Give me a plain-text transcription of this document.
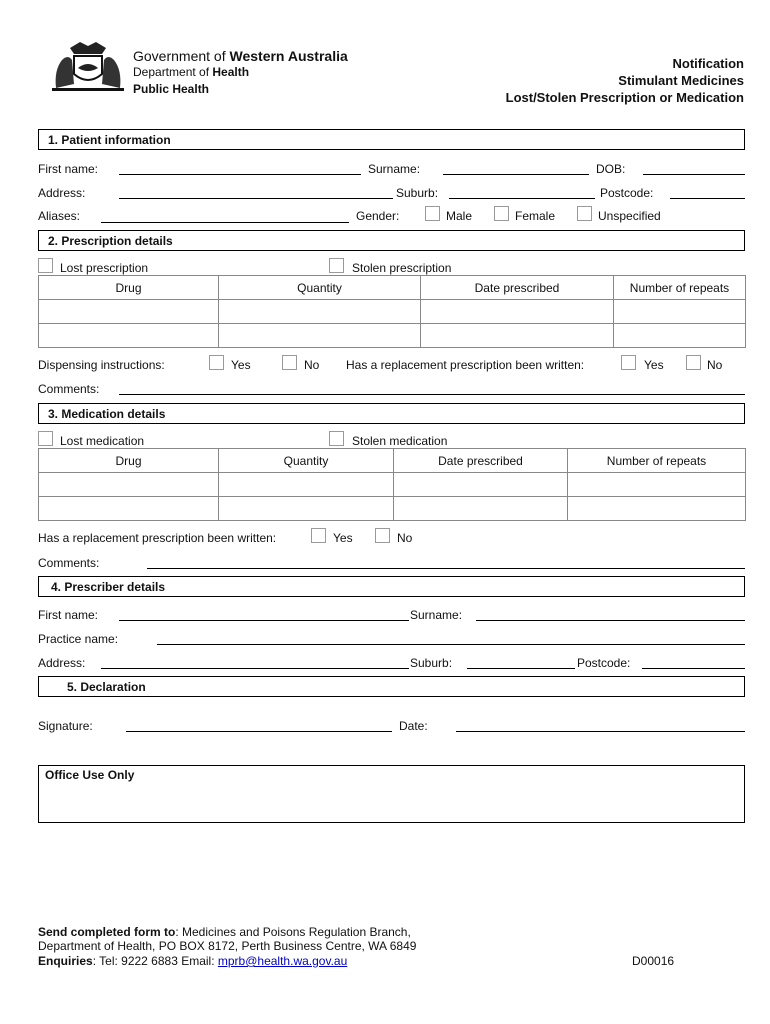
Government of Western Australia
Department of Health
Public Health
Notification
Stimulant Medicines
Lost/Stolen Prescription or Medication
1. Patient information
First name:	Surname:	DOB:
Address:	Suburb:	Postcode:
Aliases:	Gender:	Male	Female	Unspecified
2. Prescription details
Lost prescription	Stolen prescription
Drug	Quantity	Date prescribed	Number of repeats

Dispensing instructions:	Yes	No Has a replacement prescription been written:	Yes	No
Comments:
3. Medication details
Lost medication	Stolen medication
Drug	Quantity	Date prescribed	Number of repeats

Has a replacement prescription been written:	Yes	No
Comments:
4. Prescriber details
First name:	Surname:
Practice name:
Address:	Suburb:	Postcode:
5. Declaration
Signature:	Date:
Office Use Only
Send completed form to: Medicines and Poisons Regulation Branch,
Department of Health, PO BOX 8172, Perth Business Centre, WA 6849
Enquiries: Tel: 9222 6883 Email: mprb@health.wa.gov.au	D00016
